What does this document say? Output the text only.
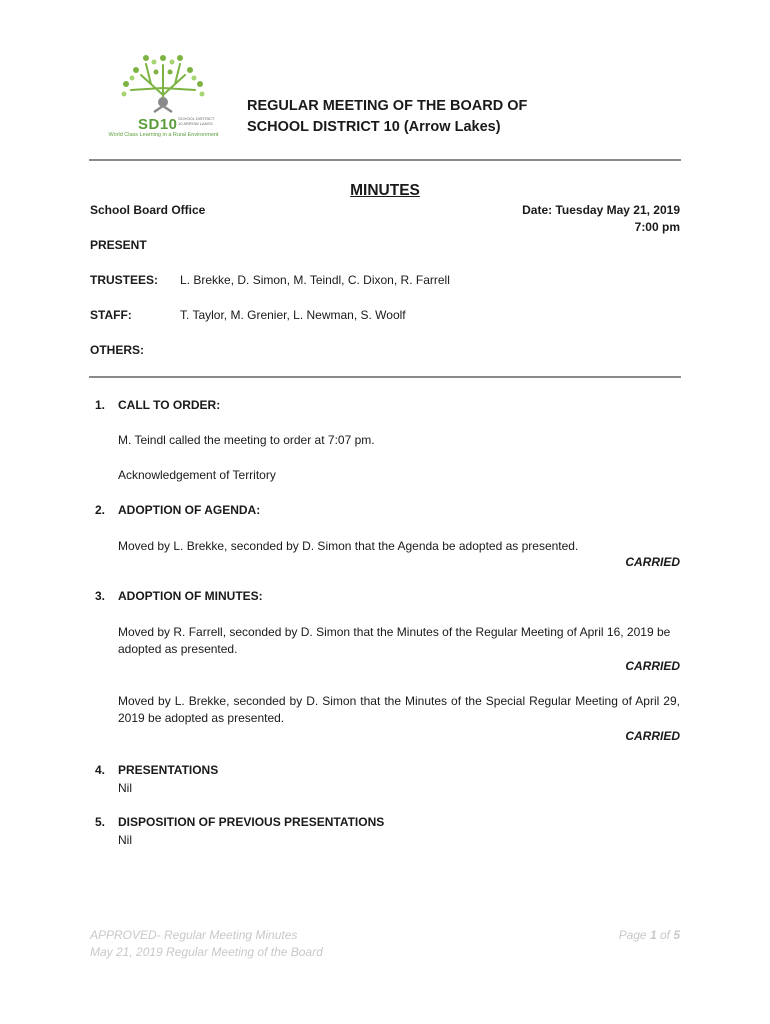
SD10 SCHOOL DISTRICT 10 ARROW LAKES
World Class Learning in a Rural Environment
REGULAR MEETING OF THE BOARD OF
SCHOOL DISTRICT 10 (Arrow Lakes)
MINUTES
School Board Office	Date: Tuesday May 21, 2019
7:00 pm
PRESENT
TRUSTEES: L. Brekke, D. Simon, M. Teindl, C. Dixon, R. Farrell
STAFF:	T. Taylor, M. Grenier, L. Newman, S. Woolf
OTHERS:
1. CALL TO ORDER:
M. Teindl called the meeting to order at 7:07 pm.
Acknowledgement of Territory
2. ADOPTION OF AGENDA:
Moved by L. Brekke, seconded by D. Simon that the Agenda be adopted as presented.
CARRIED
3. ADOPTION OF MINUTES:
Moved by R. Farrell, seconded by D. Simon that the Minutes of the Regular Meeting of April 16, 2019 be adopted as presented.
CARRIED
Moved by L. Brekke, seconded by D. Simon that the Minutes of the Special Regular Meeting of April 29, 2019 be adopted as presented.
CARRIED
4. PRESENTATIONS
Nil
5. DISPOSITION OF PREVIOUS PRESENTATIONS
Nil
APPROVED- Regular Meeting Minutes
May 21, 2019 Regular Meeting of the Board
Page 1 of 5
